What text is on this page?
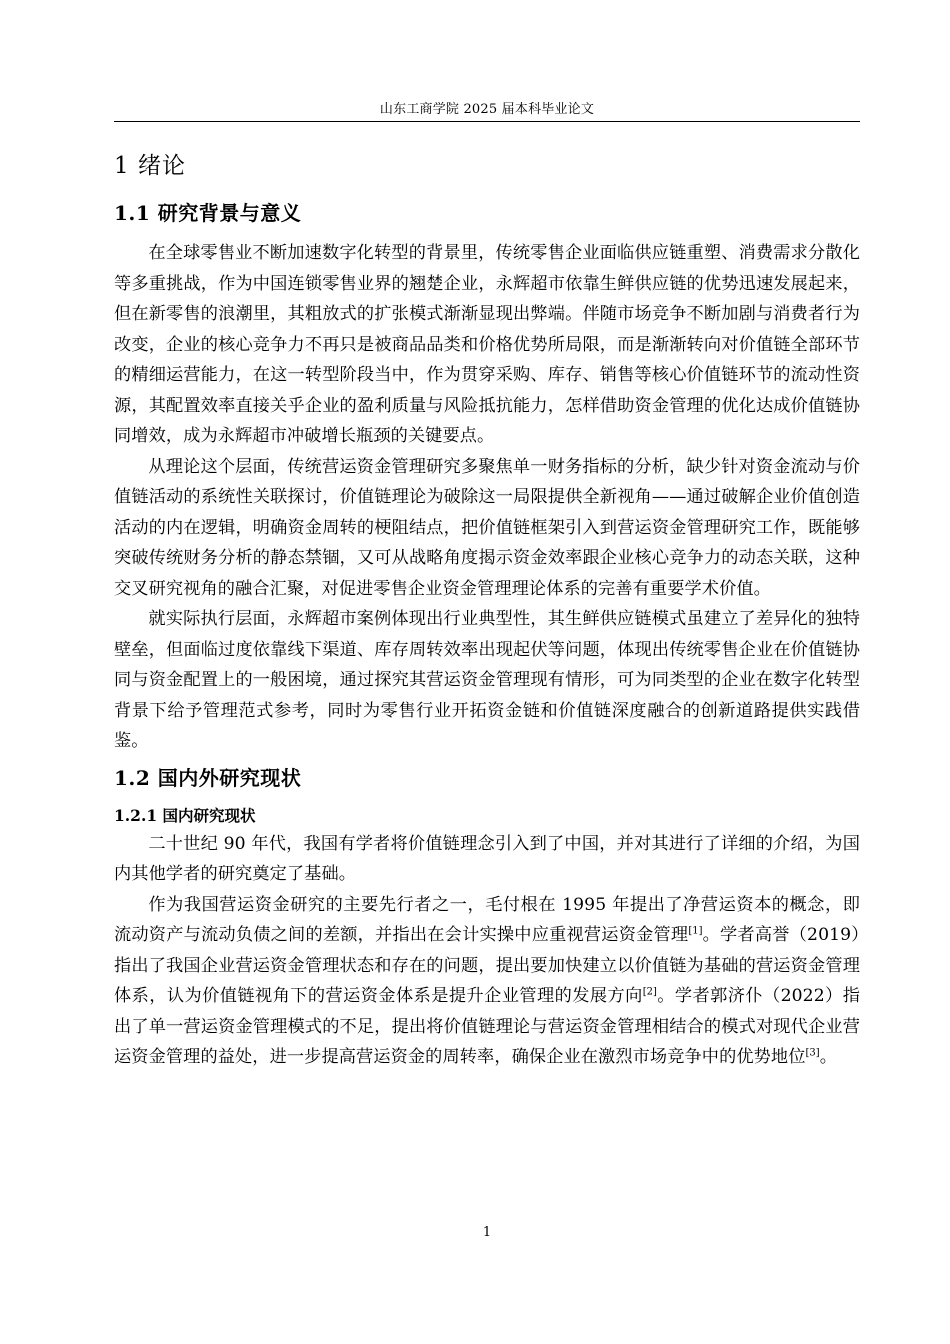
山东工商学院 2025 届本科毕业论文
1 绪论
1.1 研究背景与意义

在全球零售业不断加速数字化转型的背景里，传统零售企业面临供应链重塑、消费需求分散化等多重挑战，作为中国连锁零售业界的翘楚企业，永辉超市依靠生鲜供应链的优势迅速发展起来，但在新零售的浪潮里，其粗放式的扩张模式渐渐显现出弊端。伴随市场竞争不断加剧与消费者行为改变，企业的核心竞争力不再只是被商品品类和价格优势所局限，而是渐渐转向对价值链全部环节的精细运营能力，在这一转型阶段当中，作为贯穿采购、库存、销售等核心价值链环节的流动性资源，其配置效率直接关乎企业的盈利质量与风险抵抗能力，怎样借助资金管理的优化达成价值链协同增效，成为永辉超市冲破增长瓶颈的关键要点。

从理论这个层面，传统营运资金管理研究多聚焦单一财务指标的分析，缺少针对资金流动与价值链活动的系统性关联探讨，价值链理论为破除这一局限提供全新视角——通过破解企业价值创造活动的内在逻辑，明确资金周转的梗阻结点，把价值链框架引入到营运资金管理研究工作，既能够突破传统财务分析的静态禁锢，又可从战略角度揭示资金效率跟企业核心竞争力的动态关联，这种交叉研究视角的融合汇聚，对促进零售企业资金管理理论体系的完善有重要学术价值。

就实际执行层面，永辉超市案例体现出行业典型性，其生鲜供应链模式虽建立了差异化的独特壁垒，但面临过度依靠线下渠道、库存周转效率出现起伏等问题，体现出传统零售企业在价值链协同与资金配置上的一般困境，通过探究其营运资金管理现有情形，可为同类型的企业在数字化转型背景下给予管理范式参考，同时为零售行业开拓资金链和价值链深度融合的创新道路提供实践借鉴。

1.2 国内外研究现状
1.2.1 国内研究现状

二十世纪 90 年代，我国有学者将价值链理念引入到了中国，并对其进行了详细的介绍，为国内其他学者的研究奠定了基础。

作为我国营运资金研究的主要先行者之一，毛付根在 1995 年提出了净营运资本的概念，即流动资产与流动负债之间的差额，并指出在会计实操中应重视营运资金管理[1]。学者高誉（2019）指出了我国企业营运资金管理状态和存在的问题，提出要加快建立以价值链为基础的营运资金管理体系，认为价值链视角下的营运资金体系是提升企业管理的发展方向[2]。学者郭济仆（2022）指出了单一营运资金管理模式的不足，提出将价值链理论与营运资金管理相结合的模式对现代企业营运资金管理的益处，进一步提高营运资金的周转率，确保企业在激烈市场竞争中的优势地位[3]。

1
